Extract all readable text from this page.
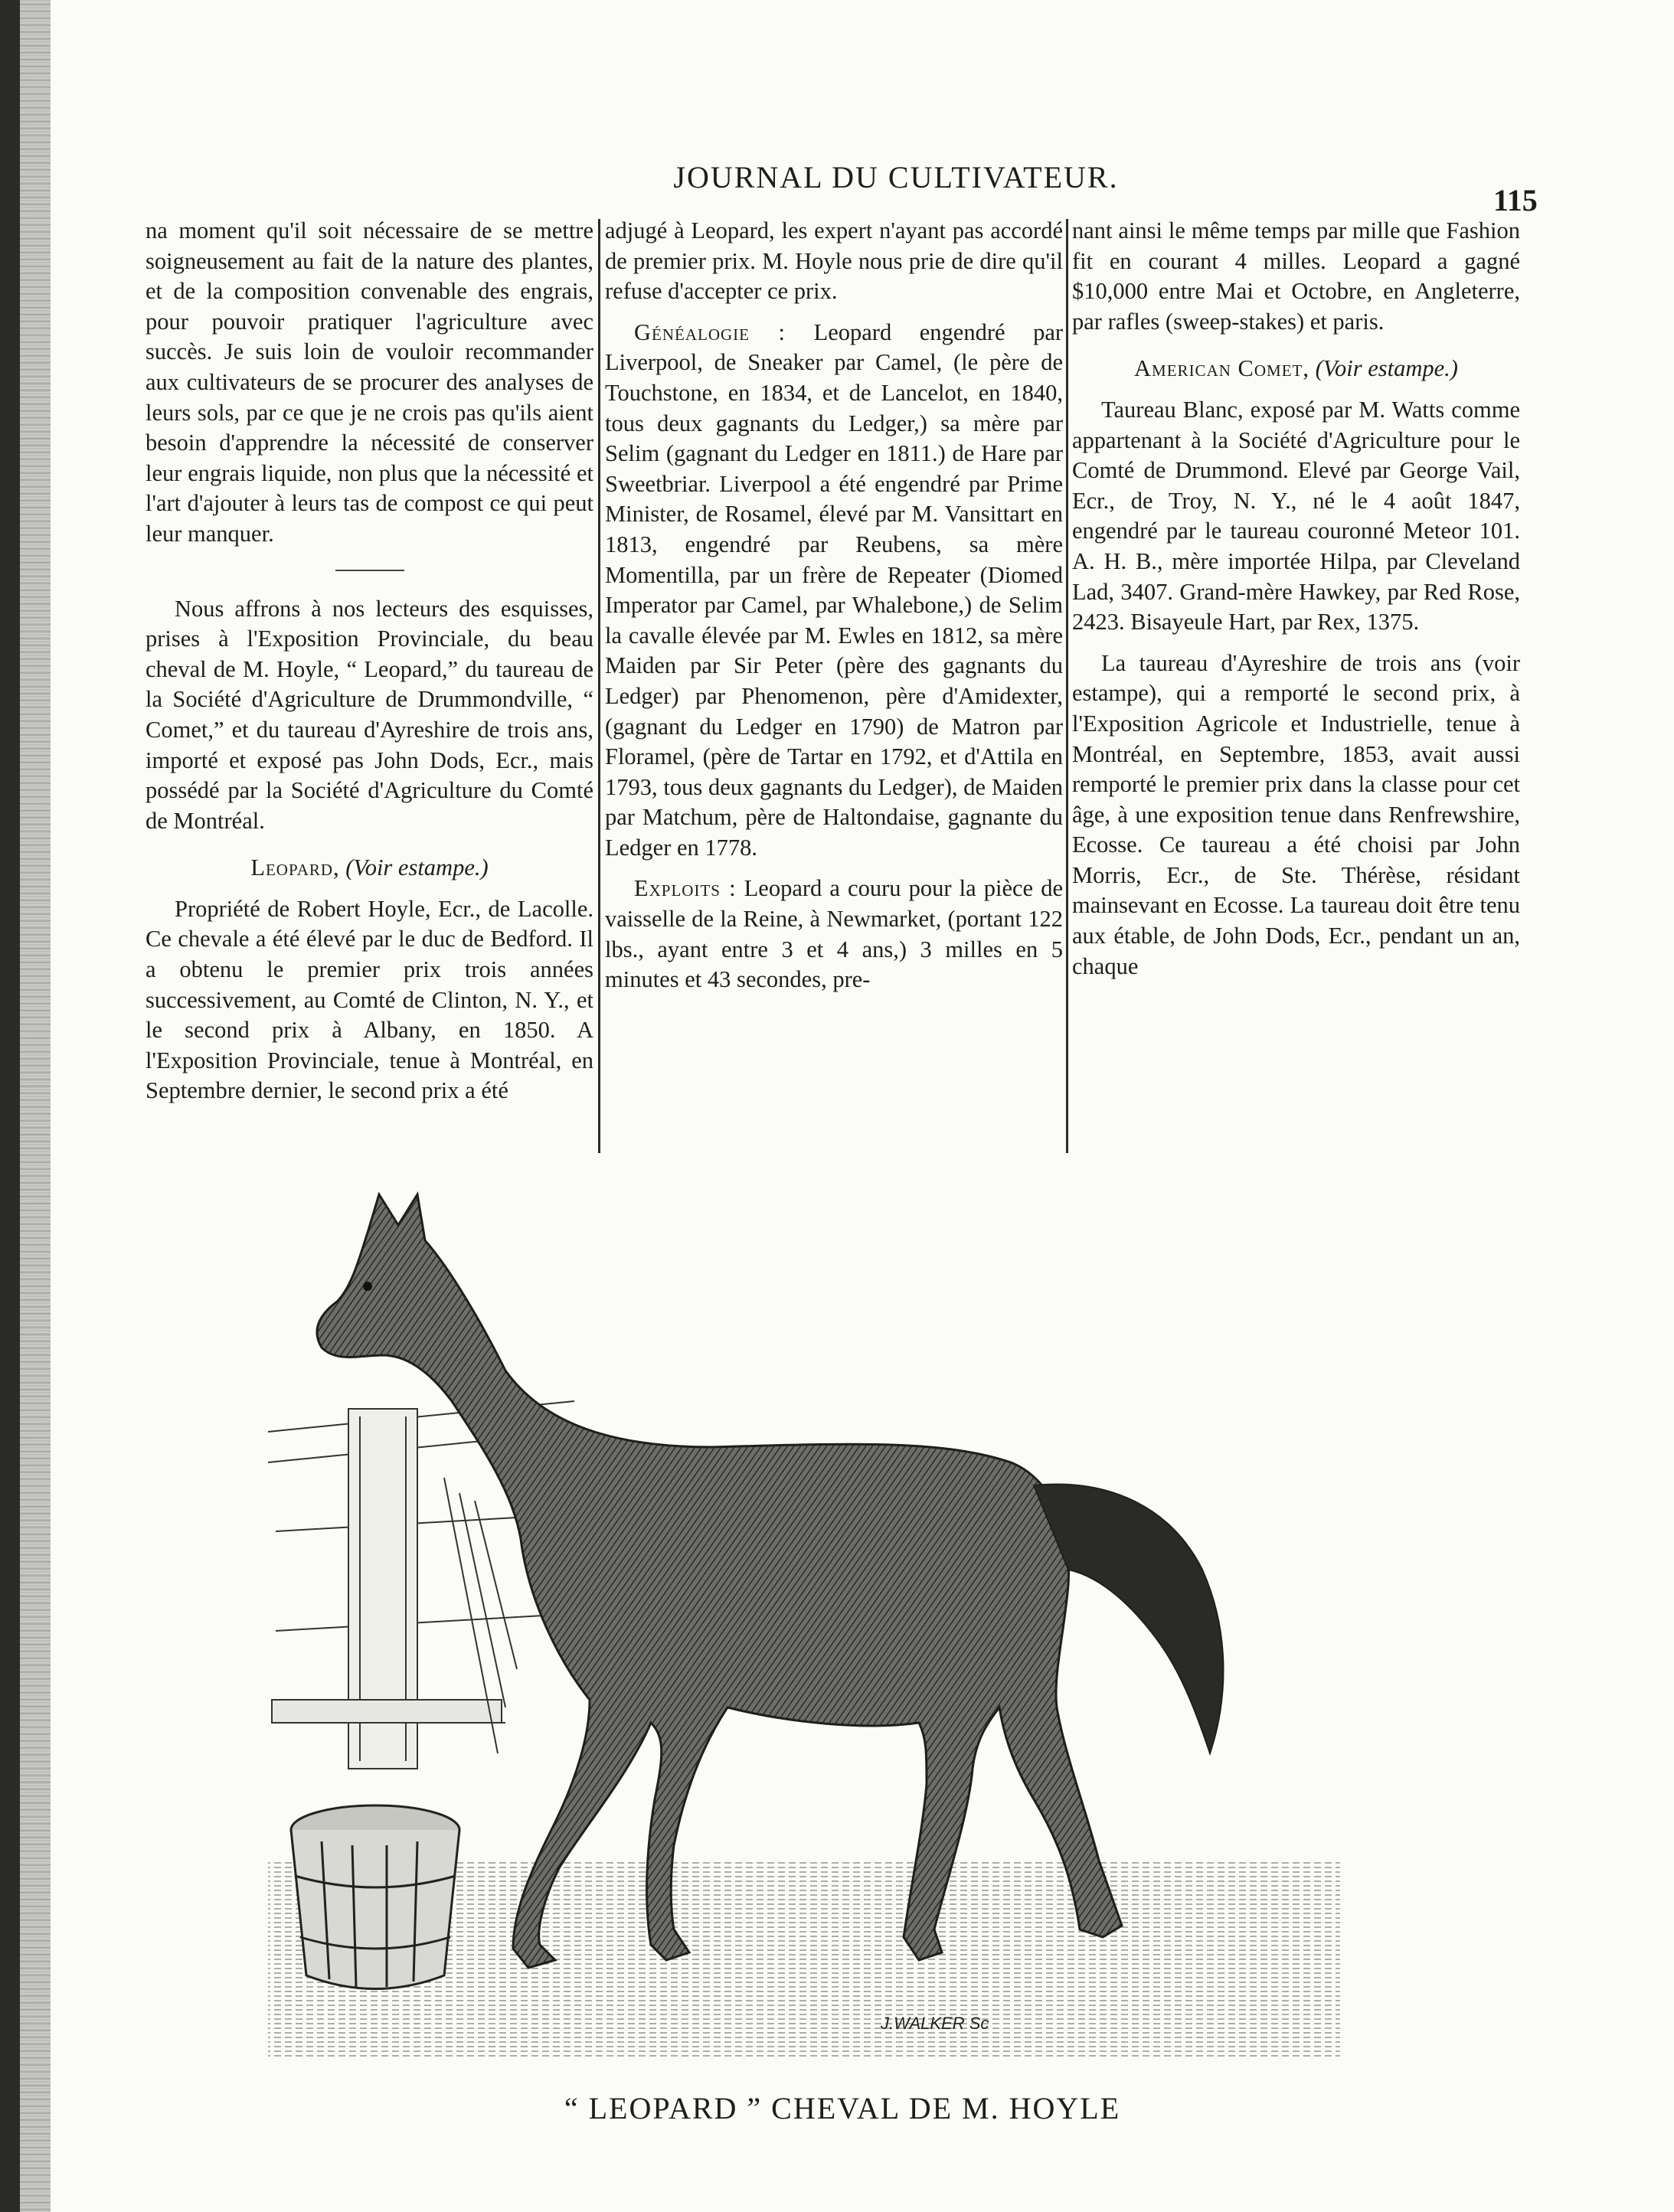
JOURNAL DU CULTIVATEUR.
115

na moment qu'il soit nécessaire de se mettre soigneusement au fait de la nature des plantes, et de la composition convenable des engrais, pour pouvoir pratiquer l'agriculture avec succès. Je suis loin de vouloir recommander aux cultivateurs de se procurer des analyses de leurs sols, par ce que je ne crois pas qu'ils aient besoin d'apprendre la nécessité de conserver leur engrais liquide, non plus que la nécessité et l'art d'ajouter à leurs tas de compost ce qui peut leur manquer.

Nous affrons à nos lecteurs des esquisses, prises à l'Exposition Provinciale, du beau cheval de M. Hoyle, “ Leopard,” du taureau de la Société d'Agriculture de Drummondville, “ Comet,” et du taureau d'Ayreshire de trois ans, importé et exposé pas John Dods, Ecr., mais possédé par la Société d'Agriculture du Comté de Montréal.

Leopard, (Voir estampe.)

Propriété de Robert Hoyle, Ecr., de Lacolle. Ce chevale a été élevé par le duc de Bedford. Il a obtenu le premier prix trois années successivement, au Comté de Clinton, N. Y., et le second prix à Albany, en 1850. A l'Exposition Provinciale, tenue à Montréal, en Septembre dernier, le second prix a été

adjugé à Leopard, les expert n'ayant pas accordé de premier prix. M. Hoyle nous prie de dire qu'il refuse d'accepter ce prix.

Généalogie : Leopard engendré par Liverpool, de Sneaker par Camel, (le père de Touchstone, en 1834, et de Lancelot, en 1840, tous deux gagnants du Ledger,) sa mère par Selim (gagnant du Ledger en 1811.) de Hare par Sweetbriar. Liverpool a été engendré par Prime Minister, de Rosamel, élevé par M. Vansittart en 1813, engendré par Reubens, sa mère Momentilla, par un frère de Repeater (Diomed Imperator par Camel, par Whalebone,) de Selim la cavalle élevée par M. Ewles en 1812, sa mère Maiden par Sir Peter (père des gagnants du Ledger) par Phenomenon, père d'Amidexter, (gagnant du Ledger en 1790) de Matron par Floramel, (père de Tartar en 1792, et d'Attila en 1793, tous deux gagnants du Ledger), de Maiden par Matchum, père de Haltondaise, gagnante du Ledger en 1778.

Exploits : Leopard a couru pour la pièce de vaisselle de la Reine, à Newmarket, (portant 122 lbs., ayant entre 3 et 4 ans,) 3 milles en 5 minutes et 43 secondes, pre-

nant ainsi le même temps par mille que Fashion fit en courant 4 milles. Leopard a gagné $10,000 entre Mai et Octobre, en Angleterre, par rafles (sweep-stakes) et paris.

American Comet, (Voir estampe.)

Taureau Blanc, exposé par M. Watts comme appartenant à la Société d'Agriculture pour le Comté de Drummond. Elevé par George Vail, Ecr., de Troy, N. Y., né le 4 août 1847, engendré par le taureau couronné Meteor 101. A. H. B., mère importée Hilpa, par Cleveland Lad, 3407. Grand-mère Hawkey, par Red Rose, 2423. Bisayeule Hart, par Rex, 1375.

La taureau d'Ayreshire de trois ans (voir estampe), qui a remporté le second prix, à l'Exposition Agricole et Industrielle, tenue à Montréal, en Septembre, 1853, avait aussi remporté le premier prix dans la classe pour cet âge, à une exposition tenue dans Renfrewshire, Ecosse. Ce taureau a été choisi par John Morris, Ecr., de Ste. Thérèse, résidant mainsevant en Ecosse. La taureau doit être tenu aux étable, de John Dods, Ecr., pendant un an, chaque

J.WALKER Sc
“ LEOPARD ” CHEVAL DE M. HOYLE
